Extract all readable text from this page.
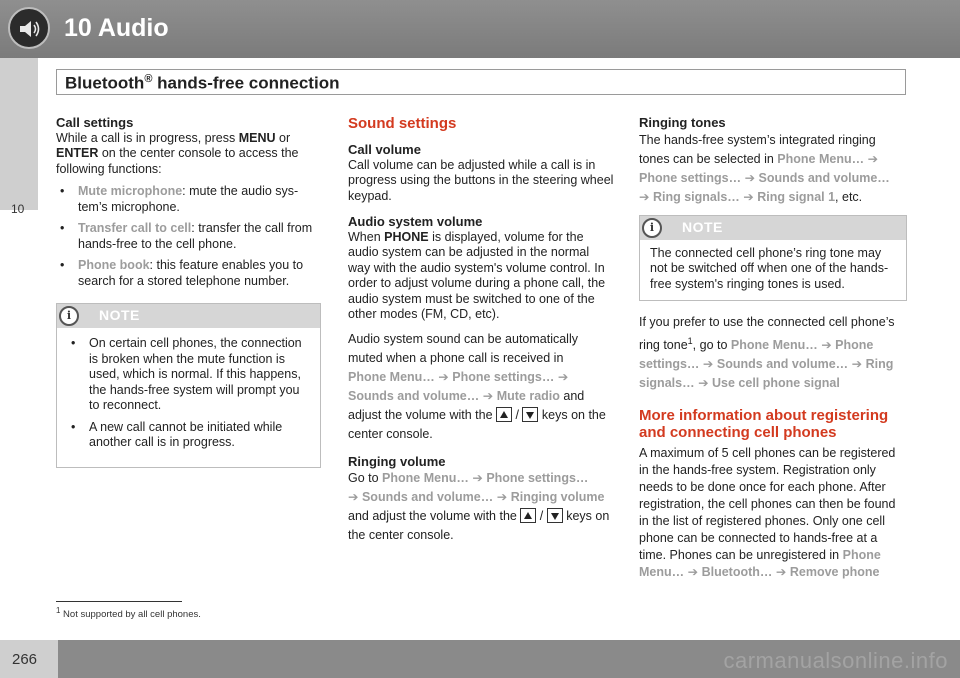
10 Audio
10
Bluetooth® hands-free connection
Call settings

While a call is in progress, press MENU or ENTER on the center console to access the following functions:

• Mute microphone: mute the audio sys-tem’s microphone.
• Transfer call to cell: transfer the call from hands-free to the cell phone.
• Phone book: this feature enables you to search for a stored telephone number.
i	NOTE
• On certain cell phones, the connection is broken when the mute function is used, which is normal. If this happens, the hands-free system will prompt you to reconnect.
• A new call cannot be initiated while another call is in progress.
Sound settings
Call volume

Call volume can be adjusted while a call is in progress using the buttons in the steering wheel keypad.

Audio system volume

When PHONE is displayed, volume for the audio system can be adjusted in the normal way with the audio system's volume control. In order to adjust volume during a phone call, the audio system must be switched to one of the other modes (FM, CD, etc).

Audio system sound can be automatically muted when a phone call is received in
Phone Menu… ➔ Phone settings… ➔
Sounds and volume… ➔ Mute radio and adjust the volume with the  /  keys on the center console.

Ringing volume

Go to Phone Menu… ➔ Phone settings…
➔ Sounds and volume… ➔ Ringing volume
and adjust the volume with the  /  keys on the center console.

Ringing tones

The hands-free system’s integrated ringing tones can be selected in Phone Menu… ➔
Phone settings… ➔ Sounds and volume…
➔ Ring signals… ➔ Ring signal 1, etc.

i	NOTE
The connected cell phone’s ring tone may not be switched off when one of the hands-free system's ringing tones is used.

If you prefer to use the connected cell phone’s ring tone$^1$, go to Phone Menu… ➔ Phone
settings… ➔ Sounds and volume… ➔ Ring
signals… ➔ Use cell phone signal

More information about registering and connecting cell phones

A maximum of 5 cell phones can be registered in the hands-free system. Registration only needs to be done once for each phone. After registration, the cell phones can then be found in the list of registered phones. Only one cell phone can be connected to hands-free at a time. Phones can be unregistered in Phone
Menu… ➔ Bluetooth… ➔ Remove phone

$^1$ Not supported by all cell phones.
266	carmanualsonline.info
